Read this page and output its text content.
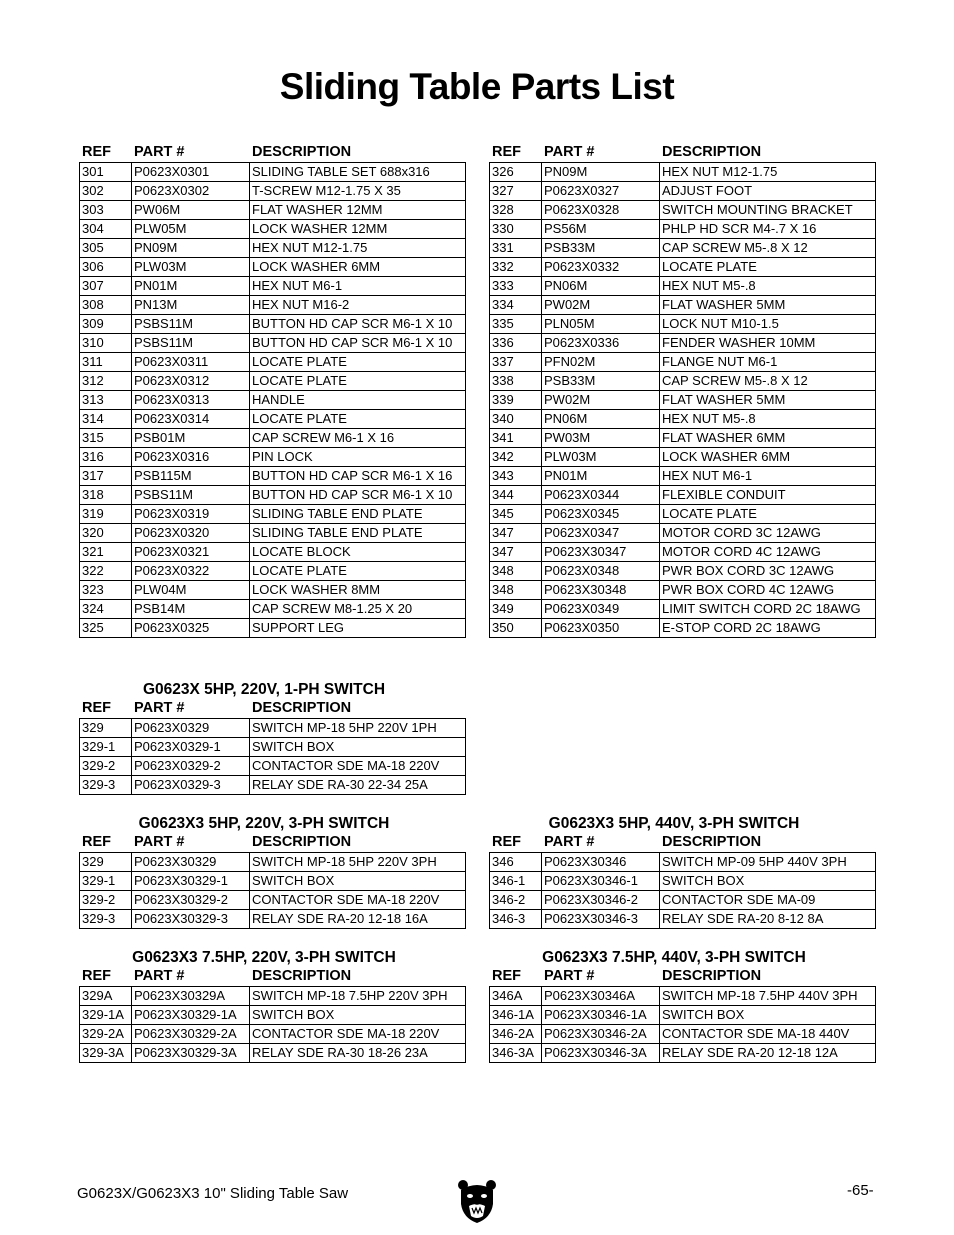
Sliding Table Parts List
REF PART #	DESCRIPTION
301	P0623X0301	SLIDING TABLE SET 688x316
302	P0623X0302	T-SCREW M12-1.75 X 35
303	PW06M	FLAT WASHER 12MM
304	PLW05M	LOCK WASHER 12MM
305	PN09M	HEX NUT M12-1.75
306	PLW03M	LOCK WASHER 6MM
307	PN01M	HEX NUT M6-1
308	PN13M	HEX NUT M16-2
309	PSBS11M	BUTTON HD CAP SCR M6-1 X 10
310	PSBS11M	BUTTON HD CAP SCR M6-1 X 10
311	P0623X0311	LOCATE PLATE
312	P0623X0312	LOCATE PLATE
313	P0623X0313	HANDLE
314	P0623X0314	LOCATE PLATE
315	PSB01M	CAP SCREW M6-1 X 16
316	P0623X0316	PIN LOCK
317	PSB115M	BUTTON HD CAP SCR M6-1 X 16
318	PSBS11M	BUTTON HD CAP SCR M6-1 X 10
319	P0623X0319	SLIDING TABLE END PLATE
320	P0623X0320	SLIDING TABLE END PLATE
321	P0623X0321	LOCATE BLOCK
322	P0623X0322	LOCATE PLATE
323	PLW04M	LOCK WASHER 8MM
324	PSB14M	CAP SCREW M8-1.25 X 20
325	P0623X0325	SUPPORT LEG
REF PART #	DESCRIPTION
326	PN09M	HEX NUT M12-1.75
327	P0623X0327	ADJUST FOOT
328	P0623X0328	SWITCH MOUNTING BRACKET
330	PS56M	PHLP HD SCR M4-.7 X 16
331	PSB33M	CAP SCREW M5-.8 X 12
332	P0623X0332	LOCATE PLATE
333	PN06M	HEX NUT M5-.8
334	PW02M	FLAT WASHER 5MM
335	PLN05M	LOCK NUT M10-1.5
336	P0623X0336	FENDER WASHER 10MM
337	PFN02M	FLANGE NUT M6-1
338	PSB33M	CAP SCREW M5-.8 X 12
339	PW02M	FLAT WASHER 5MM
340	PN06M	HEX NUT M5-.8
341	PW03M	FLAT WASHER 6MM
342	PLW03M	LOCK WASHER 6MM
343	PN01M	HEX NUT M6-1
344	P0623X0344	FLEXIBLE CONDUIT
345	P0623X0345	LOCATE PLATE
347	P0623X0347	MOTOR CORD 3C 12AWG
347	P0623X30347	MOTOR CORD 4C 12AWG
348	P0623X0348	PWR BOX CORD 3C 12AWG
348	P0623X30348	PWR BOX CORD 4C 12AWG
349	P0623X0349	LIMIT SWITCH CORD 2C 18AWG
350	P0623X0350	E-STOP CORD 2C 18AWG
G0623X 5HP, 220V, 1-PH SWITCH
REF PART #	DESCRIPTION
329	P0623X0329	SWITCH MP-18 5HP 220V 1PH
329-1	P0623X0329-1	SWITCH BOX
329-2	P0623X0329-2	CONTACTOR SDE MA-18 220V
329-3	P0623X0329-3	RELAY SDE RA-30 22-34 25A
G0623X3 5HP, 220V, 3-PH SWITCH
REF PART #	DESCRIPTION
329	P0623X30329	SWITCH MP-18 5HP 220V 3PH
329-1	P0623X30329-1	SWITCH BOX
329-2	P0623X30329-2	CONTACTOR SDE MA-18 220V
329-3	P0623X30329-3	RELAY SDE RA-20 12-18 16A
G0623X3 5HP, 440V, 3-PH SWITCH
REF PART #	DESCRIPTION
346	P0623X30346	SWITCH MP-09 5HP 440V 3PH
346-1	P0623X30346-1	SWITCH BOX
346-2	P0623X30346-2	CONTACTOR SDE MA-09
346-3	P0623X30346-3	RELAY SDE RA-20 8-12 8A
G0623X3 7.5HP, 220V, 3-PH SWITCH
REF PART #	DESCRIPTION
329A	P0623X30329A	SWITCH MP-18 7.5HP 220V 3PH
329-1A	P0623X30329-1A	SWITCH BOX
329-2A	P0623X30329-2A	CONTACTOR SDE MA-18 220V
329-3A	P0623X30329-3A	RELAY SDE RA-30 18-26 23A
G0623X3 7.5HP, 440V, 3-PH SWITCH
REF PART #	DESCRIPTION
346A	P0623X30346A	SWITCH MP-18 7.5HP 440V 3PH
346-1A	P0623X30346-1A	SWITCH BOX
346-2A	P0623X30346-2A	CONTACTOR SDE MA-18 440V
346-3A	P0623X30346-3A	RELAY SDE RA-20 12-18 12A
G0623X/G0623X3 10" Sliding Table Saw	-65-
